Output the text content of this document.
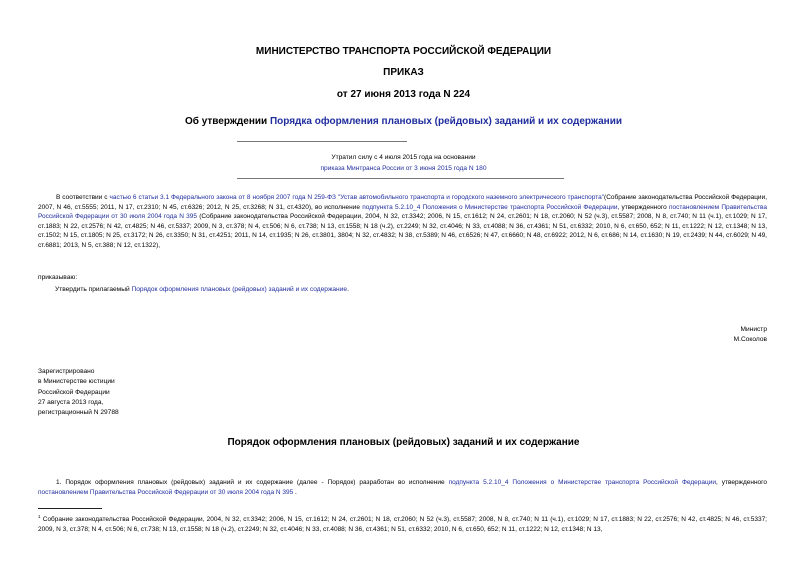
МИНИСТЕРСТВО ТРАНСПОРТА РОССИЙСКОЙ ФЕДЕРАЦИИ
ПРИКАЗ
от 27 июня 2013 года N 224
Об утверждении Порядка оформления плановых (рейдовых) заданий и их содержании
Утратил силу с 4 июля 2015 года на основании
приказа Минтранса России от 3 июня 2015 года N 180
В соответствии с частью 6 статьи 3.1 Федерального закона от 8 ноября 2007 года N 259-ФЗ "Устав автомобильного транспорта и городского наземного электрического транспорта"(Собрание законодательства Российской Федерации, 2007, N 46, ст.5555; 2011, N 17, ст.2310; N 45, ст.6326; 2012, N 25, ст.3268; N 31, ст.4320), во исполнение подпункта 5.2.10_4 Положения о Министерстве транспорта Российской Федерации, утвержденного постановлением Правительства Российской Федерации от 30 июля 2004 года N 395 (Собрание законодательства Российской Федерации, 2004, N 32, ст.3342; 2006, N 15, ст.1612; N 24, ст.2601; N 18, ст.2060; N 52 (ч.3), ст.5587; 2008, N 8, ст.740; N 11 (ч.1), ст.1029; N 17, ст.1883; N 22, ст.2576; N 42, ст.4825; N 46, ст.5337; 2009, N 3, ст.378; N 4, ст.506; N 6, ст.738; N 13, ст.1558; N 18 (ч.2), ст.2249; N 32, ст.4046; N 33, ст.4088; N 36, ст.4361; N 51, ст.6332; 2010, N 6, ст.650, 652; N 11, ст.1222; N 12, ст.1348; N 13, ст.1502; N 15, ст.1805; N 25, ст.3172; N 26, ст.3350; N 31, ст.4251; 2011, N 14, ст.1935; N 26, ст.3801, 3804; N 32, ст.4832; N 38, ст.5389; N 46, ст.6526; N 47, ст.6660; N 48, ст.6922; 2012, N 6, ст.686; N 14, ст.1630; N 19, ст.2439; N 44, ст.6029; N 49, ст.6881; 2013, N 5, ст.388; N 12, ст.1322),
приказываю:
Утвердить прилагаемый Порядок оформления плановых (рейдовых) заданий и их содержание.
Министр
М.Соколов
Зарегистрировано
в Министерстве юстиции
Российской Федерации
27 августа 2013 года,
регистрационный N 29788
Порядок оформления плановых (рейдовых) заданий и их содержание
1. Порядок оформления плановых (рейдовых) заданий и их содержание (далее - Порядок) разработан во исполнение подпункта 5.2.10_4 Положения о Министерстве транспорта Российской Федерации, утвержденного постановлением Правительства Российской Федерации от 30 июля 2004 года N 395 .
$^1$ Собрание законодательства Российской Федерации, 2004, N 32, ст.3342; 2006, N 15, ст.1612; N 24, ст.2601; N 18, ст.2060; N 52 (ч.3), ст.5587; 2008, N 8, ст.740; N 11 (ч.1), ст.1029; N 17, ст.1883; N 22, ст.2576; N 42, ст.4825; N 46, ст.5337; 2009, N 3, ст.378; N 4, ст.506; N 6, ст.738; N 13, ст.1558; N 18 (ч.2), ст.2249; N 32, ст.4046; N 33, ст.4088; N 36, ст.4361; N 51, ст.6332; 2010, N 6, ст.650, 652; N 11, ст.1222; N 12, ст.1348; N 13,
